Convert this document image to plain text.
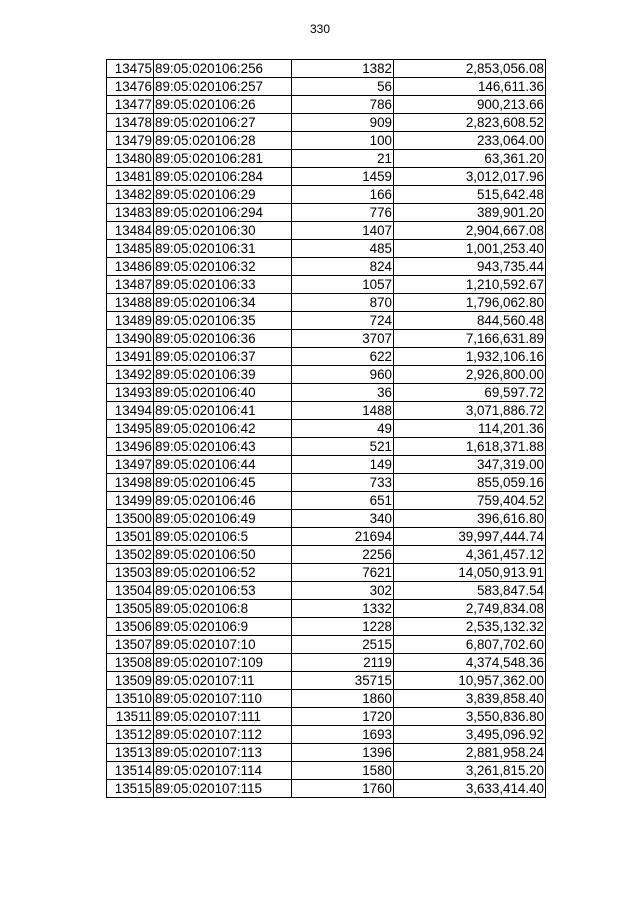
330
13475	89:05:020106:256	1382	2,853,056.08
13476	89:05:020106:257	56	146,611.36
13477	89:05:020106:26	786	900,213.66
13478	89:05:020106:27	909	2,823,608.52
13479	89:05:020106:28	100	233,064.00
13480	89:05:020106:281	21	63,361.20
13481	89:05:020106:284	1459	3,012,017.96
13482	89:05:020106:29	166	515,642.48
13483	89:05:020106:294	776	389,901.20
13484	89:05:020106:30	1407	2,904,667.08
13485	89:05:020106:31	485	1,001,253.40
13486	89:05:020106:32	824	943,735.44
13487	89:05:020106:33	1057	1,210,592.67
13488	89:05:020106:34	870	1,796,062.80
13489	89:05:020106:35	724	844,560.48
13490	89:05:020106:36	3707	7,166,631.89
13491	89:05:020106:37	622	1,932,106.16
13492	89:05:020106:39	960	2,926,800.00
13493	89:05:020106:40	36	69,597.72
13494	89:05:020106:41	1488	3,071,886.72
13495	89:05:020106:42	49	114,201.36
13496	89:05:020106:43	521	1,618,371.88
13497	89:05:020106:44	149	347,319.00
13498	89:05:020106:45	733	855,059.16
13499	89:05:020106:46	651	759,404.52
13500	89:05:020106:49	340	396,616.80
13501	89:05:020106:5	21694	39,997,444.74
13502	89:05:020106:50	2256	4,361,457.12
13503	89:05:020106:52	7621	14,050,913.91
13504	89:05:020106:53	302	583,847.54
13505	89:05:020106:8	1332	2,749,834.08
13506	89:05:020106:9	1228	2,535,132.32
13507	89:05:020107:10	2515	6,807,702.60
13508	89:05:020107:109	2119	4,374,548.36
13509	89:05:020107:11	35715	10,957,362.00
13510	89:05:020107:110	1860	3,839,858.40
13511	89:05:020107:111	1720	3,550,836.80
13512	89:05:020107:112	1693	3,495,096.92
13513	89:05:020107:113	1396	2,881,958.24
13514	89:05:020107:114	1580	3,261,815.20
13515	89:05:020107:115	1760	3,633,414.40
